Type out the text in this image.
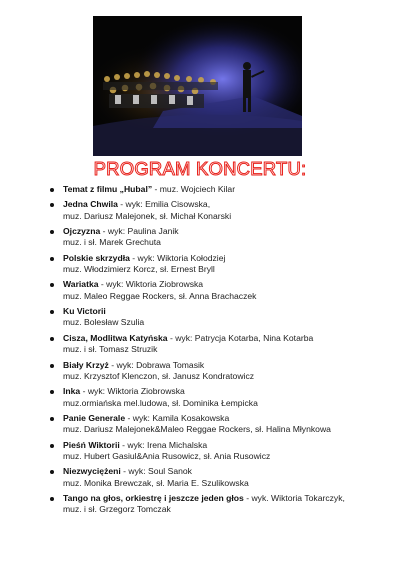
PROGRAM KONCERTU:
Temat z filmu „Hubal” - muz. Wojciech Kilar
Jedna Chwila - wyk: Emilia Cisowska,
muz. Dariusz Malejonek, sł. Michał Konarski
Ojczyzna - wyk: Paulina Janik
muz. i sł. Marek Grechuta
Polskie skrzydła - wyk: Wiktoria Kołodziej
muz. Włodzimierz Korcz, sł. Ernest Bryll
Wariatka - wyk: Wiktoria Ziobrowska
muz. Maleo Reggae Rockers, sł. Anna Brachaczek
Ku Victorii
muz. Bolesław Szulia
Cisza, Modlitwa Katyńska - wyk: Patrycja Kotarba, Nina Kotarba
muz. i sł. Tomasz Struzik
Biały Krzyż - wyk: Dobrawa Tomasik
muz. Krzysztof Klenczon, sł. Janusz Kondratowicz
Inka - wyk: Wiktoria Ziobrowska
muz.ormiańska mel.ludowa, sł. Dominika Łempicka
Panie Generale - wyk: Kamila Kosakowska
muz. Dariusz Malejonek&Maleo Reggae Rockers, sł. Halina Młynkowa
Pieśń Wiktorii - wyk: Irena Michalska
muz. Hubert Gasiul&Ania Rusowicz, sł. Ania Rusowicz
Niezwyciężeni - wyk: Soul Sanok
muz. Monika Brewczak, sł. Maria E. Szulikowska
Tango na głos, orkiestrę i jeszcze jeden głos - wyk. Wiktoria Tokarczyk,
muz. i sł. Grzegorz Tomczak
